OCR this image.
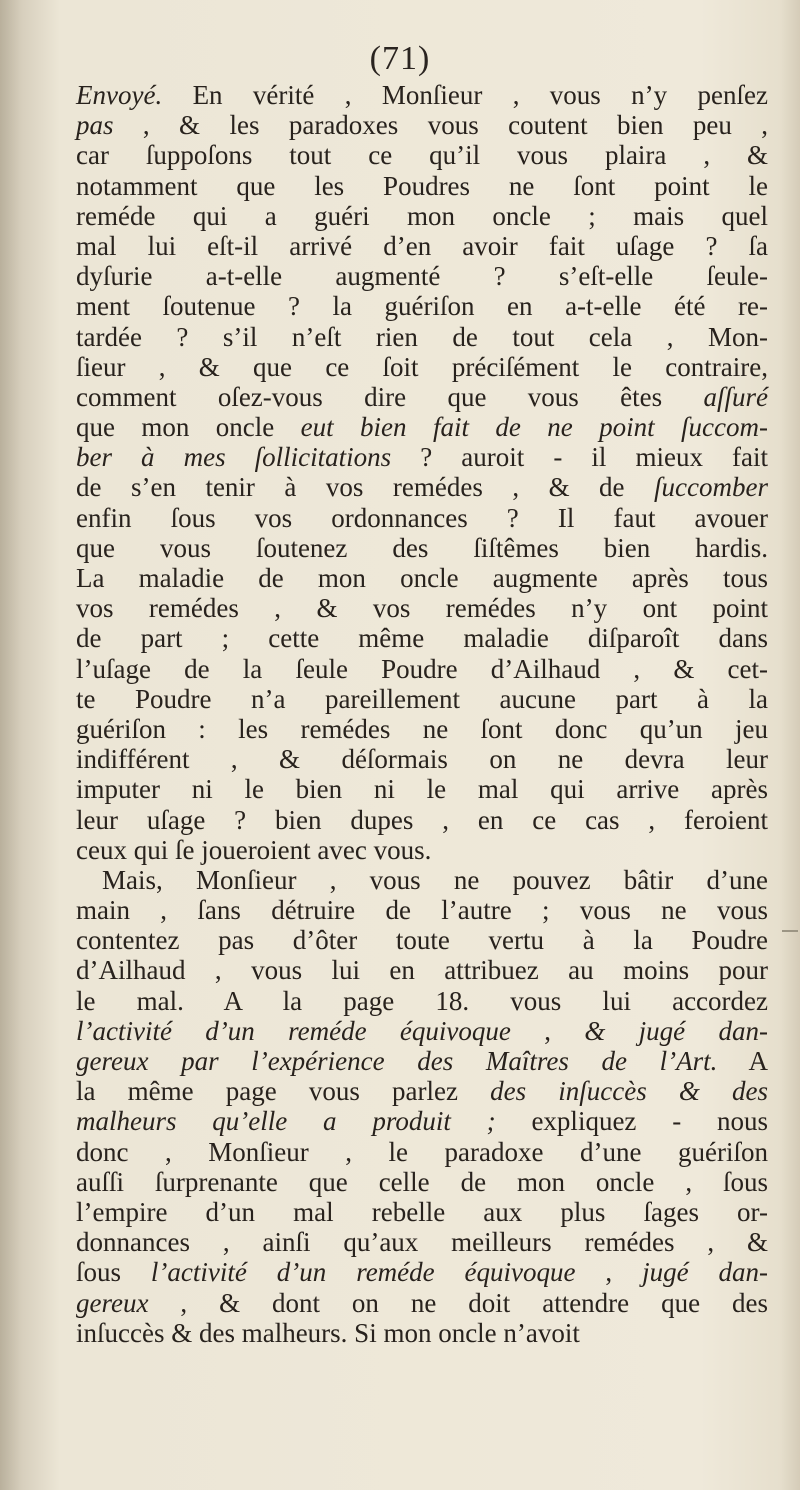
(71)
Envoyé. En vérité , Monſieur , vous n’y penſez
pas , & les paradoxes vous coutent bien peu ,
car ſuppoſons tout ce qu’il vous plaira , &
notamment que les Poudres ne ſont point le
reméde qui a guéri mon oncle ; mais quel
mal lui eſt-il arrivé d’en avoir fait uſage ? ſa
dyſurie a-t-elle augmenté ? s’eſt-elle ſeule-
ment ſoutenue ? la guériſon en a-t-elle été re-
tardée ? s’il n’eſt rien de tout cela , Mon-
ſieur , & que ce ſoit préciſément le contraire,
comment oſez-vous dire que vous êtes aſſuré
que mon oncle eut bien fait de ne point ſuccom-
ber à mes ſollicitations ? auroit - il mieux fait
de s’en tenir à vos remédes , & de ſuccomber
enfin ſous vos ordonnances ? Il faut avouer
que vous ſoutenez des ſiſtêmes bien hardis.
La maladie de mon oncle augmente après tous
vos remédes , & vos remédes n’y ont point
de part ; cette même maladie diſparoît dans
l’uſage de la ſeule Poudre d’Ailhaud , & cet-
te Poudre n’a pareillement aucune part à la
guériſon : les remédes ne ſont donc qu’un jeu
indifférent , & déſormais on ne devra leur
imputer ni le bien ni le mal qui arrive après
leur uſage ? bien dupes , en ce cas , feroient
ceux qui ſe joueroient avec vous.
Mais, Monſieur , vous ne pouvez bâtir d’une
main , ſans détruire de l’autre ; vous ne vous
contentez pas d’ôter toute vertu à la Poudre
d’Ailhaud , vous lui en attribuez au moins pour
le mal. A la page 18. vous lui accordez
l’activité d’un reméde équivoque , & jugé dan-
gereux par l’expérience des Maîtres de l’Art. A
la même page vous parlez des inſuccès & des
malheurs qu’elle a produit ; expliquez - nous
donc , Monſieur , le paradoxe d’une guériſon
auſſi ſurprenante que celle de mon oncle , ſous
l’empire d’un mal rebelle aux plus ſages or-
donnances , ainſi qu’aux meilleurs remédes , &
ſous l’activité d’un reméde équivoque , jugé dan-
gereux , & dont on ne doit attendre que des
inſuccès & des malheurs. Si mon oncle n’avoit
